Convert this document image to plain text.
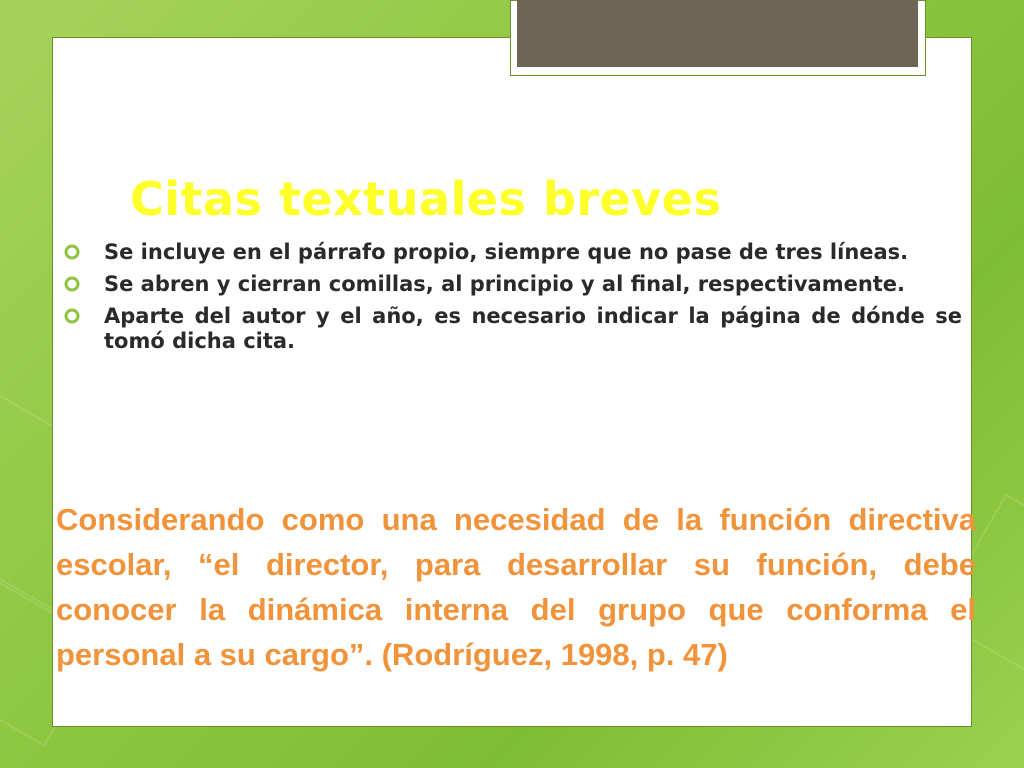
Citas textuales breves
Se incluye en el párrafo propio, siempre que no pase de tres líneas.
Se abren y cierran comillas, al principio y al final, respectivamente.
Aparte del autor y el año, es necesario indicar la página de dónde se tomó dicha cita.

Considerando como una necesidad de la función directiva escolar, “el director, para desarrollar su función, debe conocer la dinámica interna del grupo que conforma el personal a su cargo”. (Rodríguez, 1998, p. 47)
